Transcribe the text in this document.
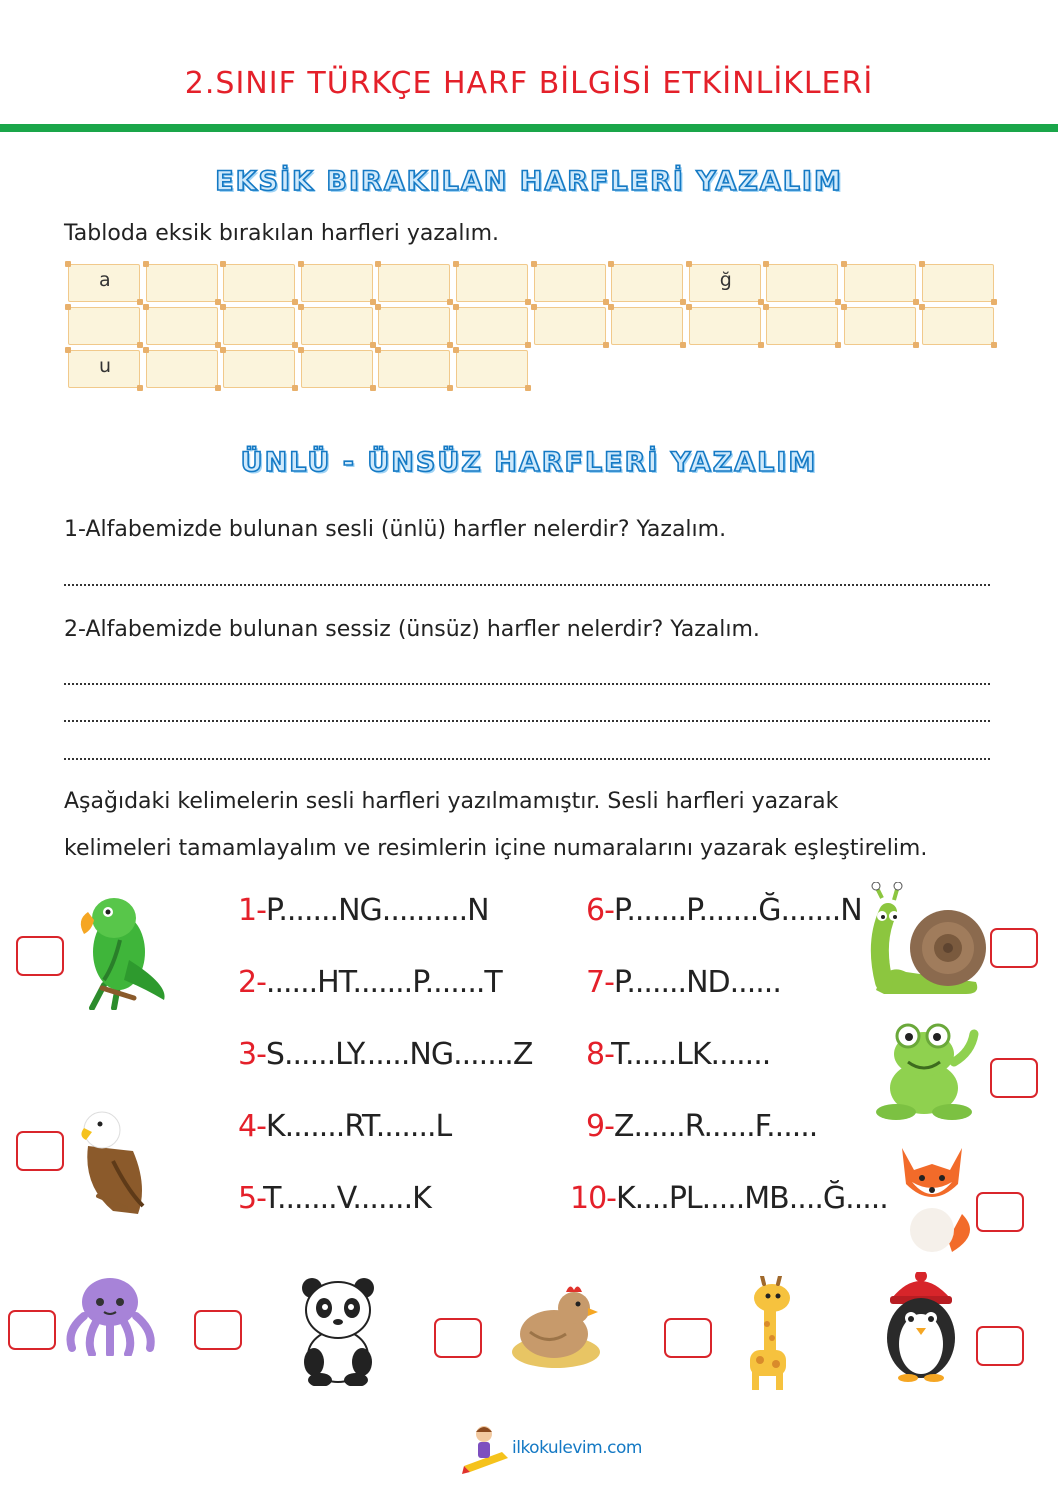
2.SINIF TÜRKÇE HARF BİLGİSİ ETKİNLİKLERİ
EKSİK BIRAKILAN HARFLERİ YAZALIM
Tabloda eksik bırakılan harfleri yazalım.
a	ğ
u
ÜNLÜ - ÜNSÜZ HARFLERİ YAZALIM
1-Alfabemizde bulunan sesli (ünlü) harfler nelerdir? Yazalım.
2-Alfabemizde bulunan sessiz (ünsüz) harfler nelerdir? Yazalım.
Aşağıdaki kelimelerin sesli harfleri yazılmamıştır. Sesli harfleri yazarak
kelimeleri tamamlayalım ve resimlerin içine numaralarını yazarak eşleştirelim.
1-P.......NG..........N
2-......HT.......P.......T
3-S......LY......NG.......Z
4-K.......RT.......L
5-T.......V.......K
6-P.......P.......Ğ.......N
7-P.......ND......
8-T......LK.......
9-Z......R......F......
10-K....PL.....MB....Ğ.....
ilkokulevim.com
